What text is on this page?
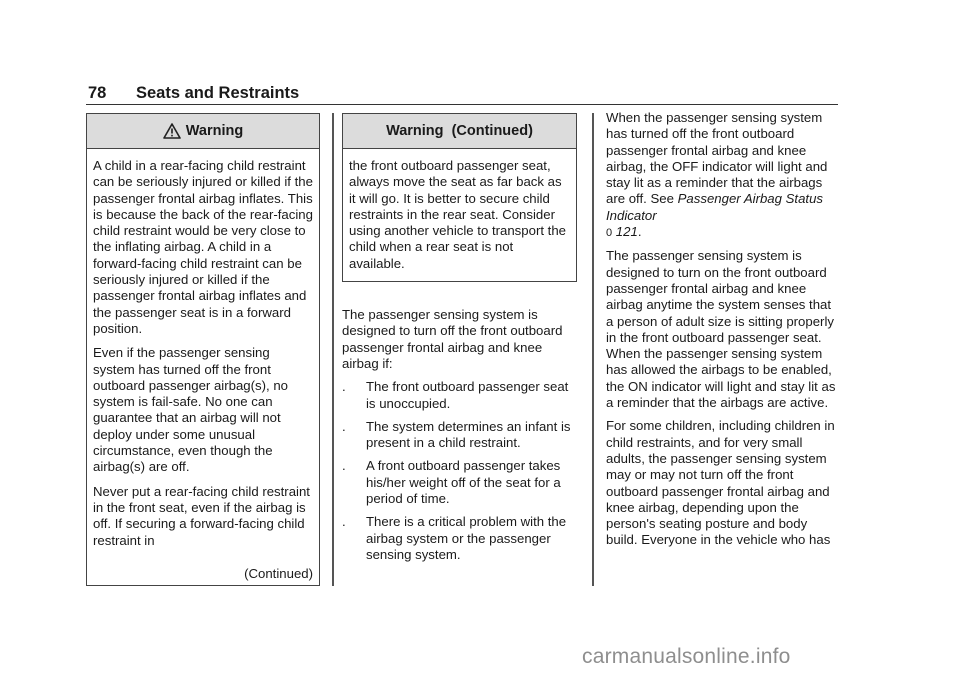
78 Seats and Restraints
Warning

A child in a rear-facing child restraint can be seriously injured or killed if the passenger frontal airbag inflates. This is because the back of the rear-facing child restraint would be very close to the inflating airbag. A child in a forward-facing child restraint can be seriously injured or killed if the passenger frontal airbag inflates and the passenger seat is in a forward position.

Even if the passenger sensing system has turned off the front outboard passenger airbag(s), no system is fail-safe. No one can guarantee that an airbag will not deploy under some unusual circumstance, even though the airbag(s) are off.

Never put a rear-facing child restraint in the front seat, even if the airbag is off. If securing a forward-facing child restraint in

(Continued)
Warning  (Continued)

the front outboard passenger seat, always move the seat as far back as it will go. It is better to secure child restraints in the rear seat. Consider using another vehicle to transport the child when a rear seat is not available.

The passenger sensing system is designed to turn off the front outboard passenger frontal airbag and knee airbag if:

. The front outboard passenger seat is unoccupied.
. The system determines an infant is present in a child restraint.
. A front outboard passenger takes his/her weight off of the seat for a period of time.
. There is a critical problem with the airbag system or the passenger sensing system.

When the passenger sensing system has turned off the front outboard passenger frontal airbag and knee airbag, the OFF indicator will light and stay lit as a reminder that the airbags are off. See Passenger Airbag Status Indicator
0 121.

The passenger sensing system is designed to turn on the front outboard passenger frontal airbag and knee airbag anytime the system senses that a person of adult size is sitting properly in the front outboard passenger seat. When the passenger sensing system has allowed the airbags to be enabled, the ON indicator will light and stay lit as a reminder that the airbags are active.

For some children, including children in child restraints, and for very small adults, the passenger sensing system may or may not turn off the front outboard passenger frontal airbag and knee airbag, depending upon the person's seating posture and body build. Everyone in the vehicle who has

carmanualsonline.info
